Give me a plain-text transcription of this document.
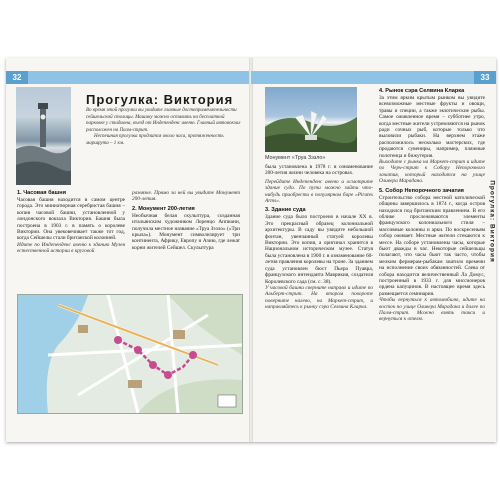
32
Прогулка: Виктория

Во время этой прогулки вы увидите главные достопримечательности сейшельской столицы. Машину можно оставить на бесплатной парковке у стадиона, въезд от Индепенденс авеню. Главный автовокзал расположен на Палм-стрит.

Неспешная прогулка продлится около часа, протяженность маршрута – 1 км.

1. Часовая башня

Часовая башня находится в самом центре города. Это миниатюрная серебристая башня – копия часовой башни, установленной у лондонского вокзала Виктория. Башня была построена в 1903 г. в память о королеве Виктории. Она увековечивает также тот год, когда Сейшелы стали британской колонией.

Идите по Индепенденс авеню к зданию Музея естественной истории в круговой

развязке. Прямо за ней вы увидите Монумент 200-летия.

2. Монумент 200-летия

Необычная белая скульптура, созданная итальянским художником Лоренцо Аппиани, получила местное название «Труа Зэзло» («Три крыла»). Монумент символизирует три континента, Африку, Европу и Азию, где лежат корни жителей Сейшел. Скульптура

33
Монумент «Труа Зэзло»

была установлена в 1978 г. в ознаменование 200-летия жизни человека на островах.

Перейдите Индепенденс авеню и осмотрите здание суда. По пути можно зайти что-нибудь приобрести в популярном баре «Pirates Arms».

3. Здание суда

Здание суда было построено в начале XX в. Это прекрасный образец колониальной архитектуры. В саду вы увидите небольшой фонтан, увенчанный статуей королевы Виктории. Это копия, а оригинал хранится в Национальном историческом музее. Статуя была установлена в 1900 г. в ознаменование 60-летия правления королевы на троне. За зданием суда установлен бюст Пьера Пуавра, французского интенданта Маврикия, создателя Королевского сада (см. с. 38).

У часовой башни сверните направо и идите по Альберт-стрит. На втором повороте поверните налево, на Маркет-стрит, и направляйтесь к рынку сэра Селвина Кларка.

4. Рынок сэра Селвина Кларка

За этим ярким крытым рынком вы увидите всевозможные местные фрукты и овощи, травы и специи, а также экзотические рыбы. Самое оживленное время – субботнее утро, когда местные жители устремляются на рынок ради сочных рыб, которые только что выловили рыбаки. На верхнем этаже расположилось несколько мастерских, где продаются сувениры, например, пляжные полотенца и бижутерия.

Выходите с рынка на Маркет-стрит и идите по Черч-стрит к Собору Непорочного зачатия, который находится на улице Оливера Марадана.

5. Собор Непорочного зачатия

Строительство собора местной католической общины завершилось в 1874 г., когда остров находился под британским правлением. В его облике прослеживаются элементы французского колониального стиля – массивные колонны и арки. По воскресеньям собор оживает. Местные жители стекаются к мессе. На соборе установлены часы, которые бьют дважды в час. Некоторые сейшельцы полагают, что часы бьют так часто, чтобы мелким фермерам-рыбакам хватило времени на исполнение своих обязанностей. Слева от собора находится величественный Ла Домус, построенный в 1933 г. для миссионеров ордена капуцинов. В настоящее время здесь размещается семинария.

Чтобы вернуться к автомобилю, идите на восток по улице Оливера Марадана и далее по Палм-стрит. Можно взять такси и вернуться к отелю.

Прогулка: Виктория
